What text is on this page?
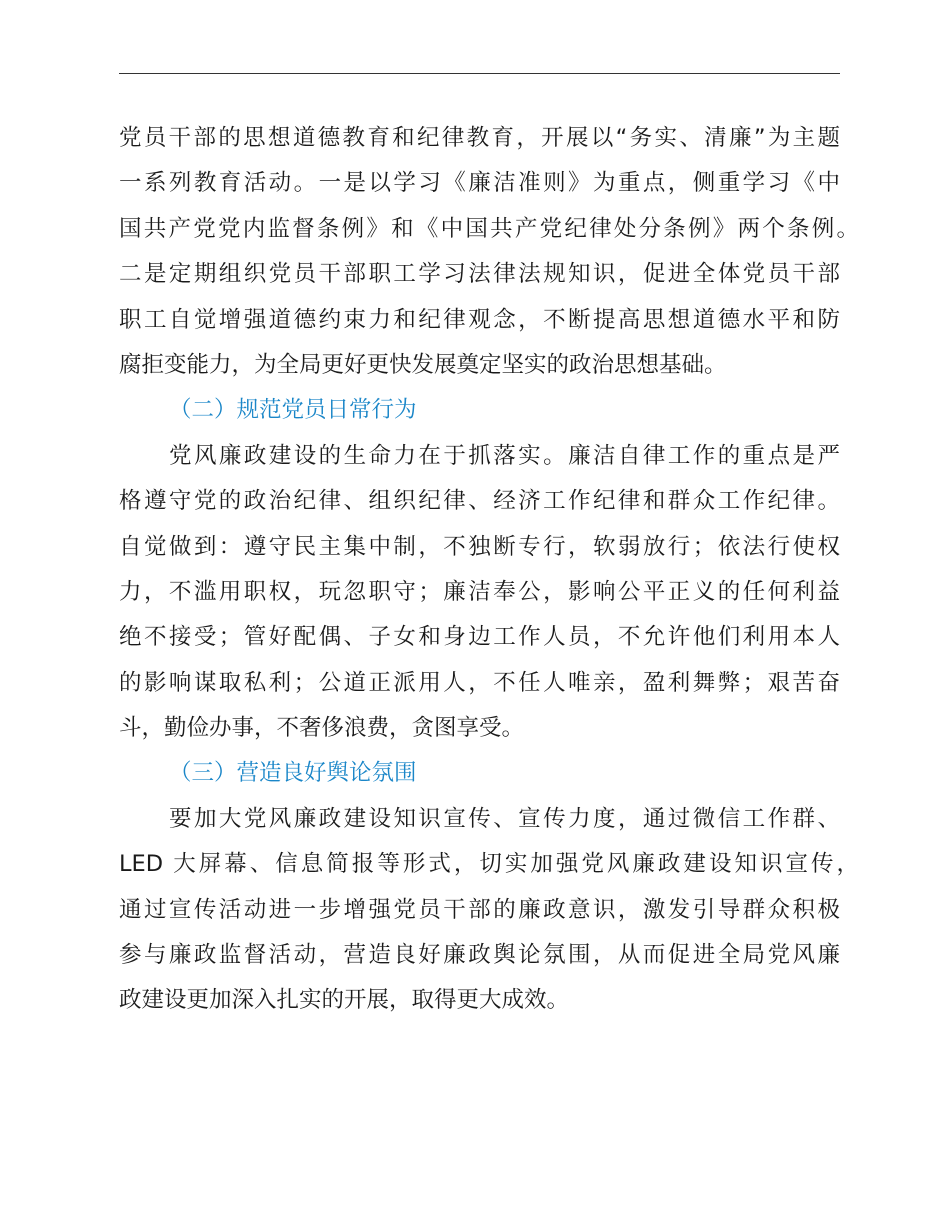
党员干部的思想道德教育和纪律教育，开展以“务实、清廉”为主题
一系列教育活动。一是以学习《廉洁准则》为重点，侧重学习《中
国共产党党内监督条例》和《中国共产党纪律处分条例》两个条例。
二是定期组织党员干部职工学习法律法规知识，促进全体党员干部
职工自觉增强道德约束力和纪律观念，不断提高思想道德水平和防
腐拒变能力，为全局更好更快发展奠定坚实的政治思想基础。
（二）规范党员日常行为
党风廉政建设的生命力在于抓落实。廉洁自律工作的重点是严
格遵守党的政治纪律、组织纪律、经济工作纪律和群众工作纪律。
自觉做到：遵守民主集中制，不独断专行，软弱放行；依法行使权
力，不滥用职权，玩忽职守；廉洁奉公，影响公平正义的任何利益
绝不接受；管好配偶、子女和身边工作人员，不允许他们利用本人
的影响谋取私利；公道正派用人，不任人唯亲，盈利舞弊；艰苦奋
斗，勤俭办事，不奢侈浪费，贪图享受。
（三）营造良好舆论氛围
要加大党风廉政建设知识宣传、宣传力度，通过微信工作群、
LED 大屏幕、信息简报等形式，切实加强党风廉政建设知识宣传，
通过宣传活动进一步增强党员干部的廉政意识，激发引导群众积极
参与廉政监督活动，营造良好廉政舆论氛围，从而促进全局党风廉
政建设更加深入扎实的开展，取得更大成效。
